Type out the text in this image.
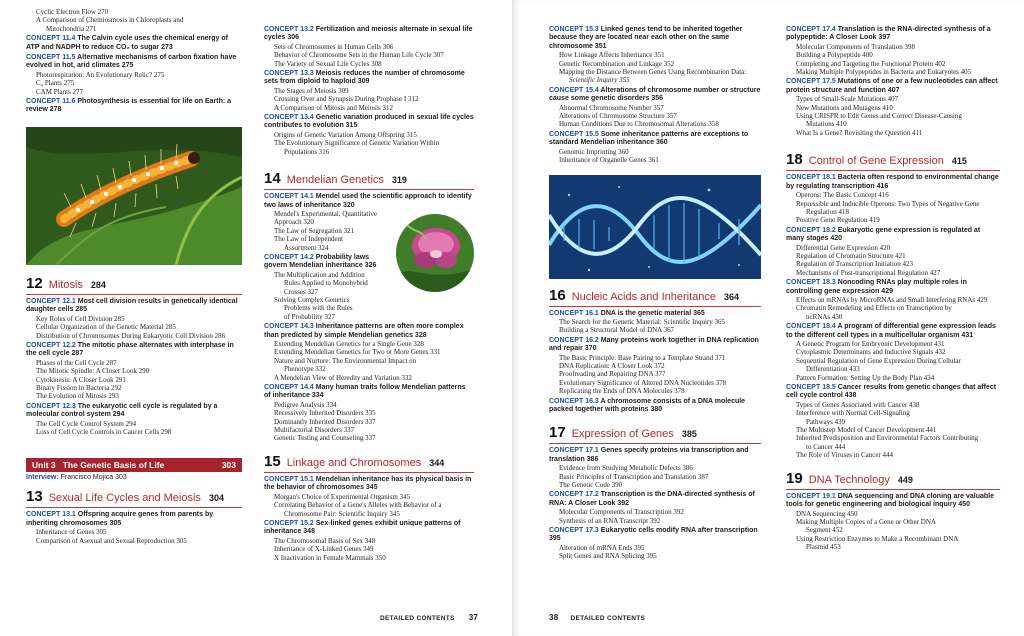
Cyclic Electron Flow 270
A Comparison of Chemiosmosis in Chloroplasts and
Mitochondria 271
CONCEPT 11.4 The Calvin cycle uses the chemical energy of ATP and NADPH to reduce CO₂ to sugar 273
CONCEPT 11.5 Alternative mechanisms of carbon fixation have evolved in hot, arid climates 275
Photorespiration: An Evolutionary Relic? 275
C₄ Plants 275
CAM Plants 277
CONCEPT 11.6 Photosynthesis is essential for life on Earth: a review 278
12 Mitosis 284
CONCEPT 12.1 Most cell division results in genetically identical daughter cells 285
Key Roles of Cell Division 285
Cellular Organization of the Genetic Material 285
Distribution of Chromosomes During Eukaryotic Cell Division 286
CONCEPT 12.2 The mitotic phase alternates with interphase in the cell cycle 287
Phases of the Cell Cycle 287
The Mitotic Spindle: A Closer Look 290
Cytokinesis: A Closer Look 291
Binary Fission in Bacteria 292
The Evolution of Mitosis 293
CONCEPT 12.3 The eukaryotic cell cycle is regulated by a molecular control system 294
The Cell Cycle Control System 294
Loss of Cell Cycle Controls in Cancer Cells 298
Unit 3 The Genetic Basis of Life	303
Interview: Francisco Mojica 303
13 Sexual Life Cycles and Meiosis 304
CONCEPT 13.1 Offspring acquire genes from parents by inheriting chromosomes 305
Inheritance of Genes 305
Comparison of Asexual and Sexual Reproduction 305
CONCEPT 13.2 Fertilization and meiosis alternate in sexual life cycles 306
Sets of Chromosomes in Human Cells 306
Behavior of Chromosome Sets in the Human Life Cycle 307
The Variety of Sexual Life Cycles 308
CONCEPT 13.3 Meiosis reduces the number of chromosome sets from diploid to haploid 309
The Stages of Meiosis 309
Crossing Over and Synapsis During Prophase I 312
A Comparison of Mitosis and Meiosis 312
CONCEPT 13.4 Genetic variation produced in sexual life cycles contributes to evolution 315
Origins of Genetic Variation Among Offspring 315
The Evolutionary Significance of Genetic Variation Within
Populations 316
14 Mendelian Genetics 319
CONCEPT 14.1 Mendel used the scientific approach to identify two laws of inheritance 320
Mendel's Experimental, Quantitative Approach 320
The Law of Segregation 321
The Law of Independent
Assortment 324
CONCEPT 14.2 Probability laws govern Mendelian inheritance 326
The Multiplication and Addition
Rules Applied to Monohybrid
Crosses 327
Solving Complex Genetics
Problems with the Rules
of Probability 327
CONCEPT 14.3 Inheritance patterns are often more complex than predicted by simple Mendelian genetics 328
Extending Mendelian Genetics for a Single Gene 328
Extending Mendelian Genetics for Two or More Genes 331
Nature and Nurture: The Environmental Impact on
Phenotype 332
A Mendelian View of Heredity and Variation 332
CONCEPT 14.4 Many human traits follow Mendelian patterns of inheritance 334
Pedigree Analysis 334
Recessively Inherited Disorders 335
Dominantly Inherited Disorders 337
Multifactorial Disorders 337
Genetic Testing and Counseling 337
15 Linkage and Chromosomes 344
CONCEPT 15.1 Mendelian inheritance has its physical basis in the behavior of chromosomes 345
Morgan's Choice of Experimental Organism 345
Correlating Behavior of a Gene's Alleles with Behavior of a
Chromosome Pair: Scientific Inquiry 345
CONCEPT 15.2 Sex-linked genes exhibit unique patterns of inheritance 348
The Chromosomal Basis of Sex 348
Inheritance of X-Linked Genes 349
X Inactivation in Female Mammals 350
DETAILED CONTENTS 37
CONCEPT 15.3 Linked genes tend to be inherited together because they are located near each other on the same chromosome 351
How Linkage Affects Inheritance 351
Genetic Recombination and Linkage 352
Mapping the Distance Between Genes Using Recombination Data:
Scientific Inquiry 355
CONCEPT 15.4 Alterations of chromosome number or structure cause some genetic disorders 356
Abnormal Chromosome Number 357
Alterations of Chromosome Structure 357
Human Conditions Due to Chromosomal Alterations 358
CONCEPT 15.5 Some inheritance patterns are exceptions to standard Mendelian inheritance 360
Genomic Imprinting 360
Inheritance of Organelle Genes 361
16 Nucleic Acids and Inheritance 364
CONCEPT 16.1 DNA is the genetic material 365
The Search for the Genetic Material: Scientific Inquiry 365
Building a Structural Model of DNA 367
CONCEPT 16.2 Many proteins work together in DNA replication and repair 370
The Basic Principle: Base Pairing to a Template Strand 371
DNA Replication: A Closer Look 372
Proofreading and Repairing DNA 377
Evolutionary Significance of Altered DNA Nucleotides 378
Replicating the Ends of DNA Molecules 378
CONCEPT 16.3 A chromosome consists of a DNA molecule packed together with proteins 380
17 Expression of Genes 385
CONCEPT 17.1 Genes specify proteins via transcription and translation 386
Evidence from Studying Metabolic Defects 386
Basic Principles of Transcription and Translation 387
The Genetic Code 390
CONCEPT 17.2 Transcription is the DNA-directed synthesis of RNA: A Closer Look 392
Molecular Components of Transcription 392
Synthesis of an RNA Transcript 392
CONCEPT 17.3 Eukaryotic cells modify RNA after transcription 395
Alteration of mRNA Ends 395
Split Genes and RNA Splicing 395
CONCEPT 17.4 Translation is the RNA-directed synthesis of a polypeptide: A Closer Look 397
Molecular Components of Translation 398
Building a Polypeptide 400
Completing and Targeting the Functional Protein 402
Making Multiple Polypeptides in Bacteria and Eukaryotes 405
CONCEPT 17.5 Mutations of one or a few nucleotides can affect protein structure and function 407
Types of Small-Scale Mutations 407
New Mutations and Mutagens 410
Using CRISPR to Edit Genes and Correct Disease-Causing
Mutations 410
What Is a Gene? Revisiting the Question 411
18 Control of Gene Expression 415
CONCEPT 18.1 Bacteria often respond to environmental change by regulating transcription 416
Operons: The Basic Concept 416
Repressible and Inducible Operons: Two Types of Negative Gene
Regulation 418
Positive Gene Regulation 419
CONCEPT 18.2 Eukaryotic gene expression is regulated at many stages 420
Differential Gene Expression 420
Regulation of Chromatin Structure 421
Regulation of Transcription Initiation 423
Mechanisms of Post-transcriptional Regulation 427
CONCEPT 18.3 Noncoding RNAs play multiple roles in controlling gene expression 429
Effects on mRNAs by MicroRNAs and Small Interfering RNAs 429
Chromatin Remodeling and Effects on Transcription by
ncRNAs 430
CONCEPT 18.4 A program of differential gene expression leads to the different cell types in a multicellular organism 431
A Genetic Program for Embryonic Development 431
Cytoplasmic Determinants and Inductive Signals 432
Sequential Regulation of Gene Expression During Cellular
Differentiation 433
Pattern Formation: Setting Up the Body Plan 434
CONCEPT 18.5 Cancer results from genetic changes that affect cell cycle control 438
Types of Genes Associated with Cancer 438
Interference with Normal Cell-Signaling
Pathways 439
The Multistep Model of Cancer Development 441
Inherited Predisposition and Environmental Factors Contributing
to Cancer 444
The Role of Viruses in Cancer 444
19 DNA Technology 449
CONCEPT 19.1 DNA sequencing and DNA cloning are valuable tools for genetic engineering and biological inquiry 450
DNA Sequencing 450
Making Multiple Copies of a Gene or Other DNA
Segment 452
Using Restriction Enzymes to Make a Recombinant DNA
Plasmid 453
38 DETAILED CONTENTS
